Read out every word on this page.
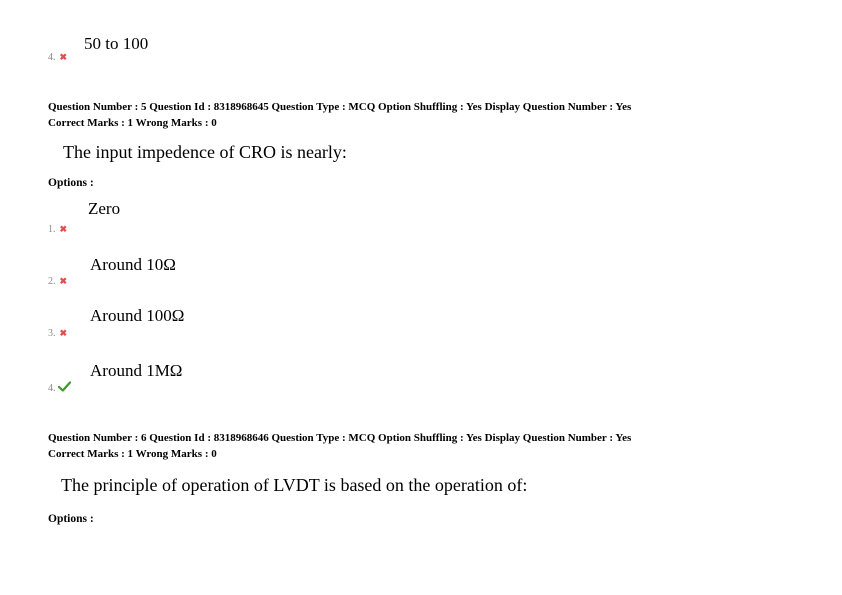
4. ✖
50 to 100
Question Number : 5 Question Id : 8318968645 Question Type : MCQ Option Shuffling : Yes Display Question Number : Yes
Correct Marks : 1 Wrong Marks : 0
The input impedence of CRO is nearly:
Options :
Zero
1. ✖
Around 10Ω
2. ✖
Around 100Ω
3. ✖
Around 1MΩ
4.
Question Number : 6 Question Id : 8318968646 Question Type : MCQ Option Shuffling : Yes Display Question Number : Yes
Correct Marks : 1 Wrong Marks : 0
The principle of operation of LVDT is based on the operation of:
Options :
